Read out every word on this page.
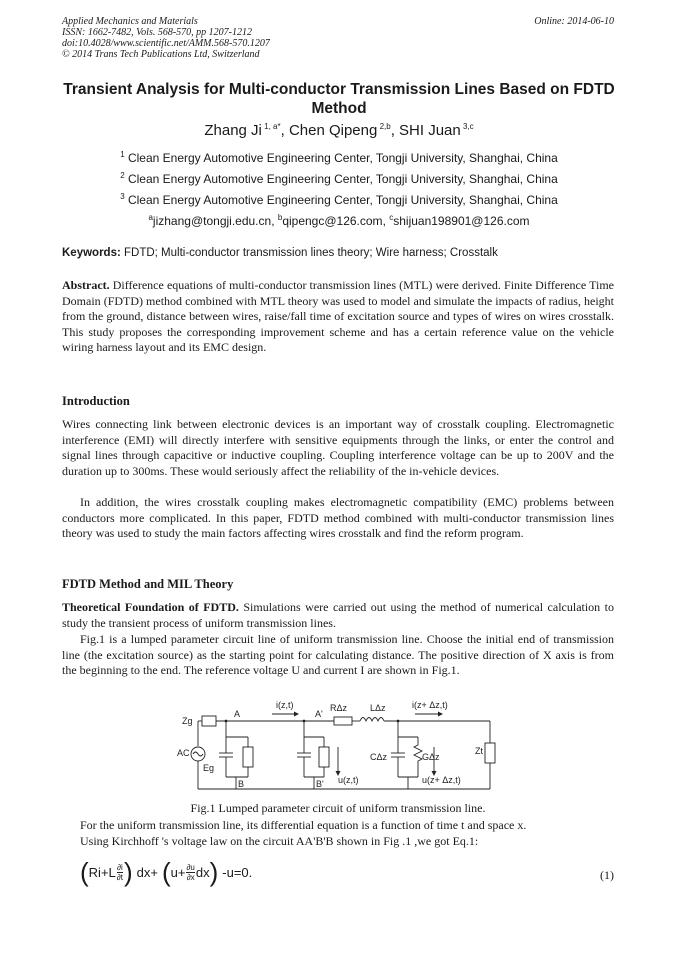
Applied Mechanics and Materials
ISSN: 1662-7482, Vols. 568-570, pp 1207-1212
doi:10.4028/www.scientific.net/AMM.568-570.1207
© 2014 Trans Tech Publications Ltd, Switzerland
Online: 2014-06-10
Transient Analysis for Multi-conductor Transmission Lines Based on FDTD Method
Zhang Ji $^{1, a*}$, Chen Qipeng $^{2,b}$, SHI Juan $^{3,c}$
$^1$ Clean Energy Automotive Engineering Center, Tongji University, Shanghai, China
$^2$ Clean Energy Automotive Engineering Center, Tongji University, Shanghai, China
$^3$ Clean Energy Automotive Engineering Center, Tongji University, Shanghai, China
$^a$jizhang@tongji.edu.cn, $^b$qipengc@126.com, $^c$shijuan198901@126.com
Keywords: FDTD; Multi-conductor transmission lines theory; Wire harness; Crosstalk
Abstract. Difference equations of multi-conductor transmission lines (MTL) were derived. Finite Difference Time Domain (FDTD) method combined with MTL theory was used to model and simulate the impacts of radius, height from the ground, distance between wires, raise/fall time of excitation source and types of wires on wires crosstalk. This study proposes the corresponding improvement scheme and has a certain reference value on the vehicle wiring harness layout and its EMC design.
Introduction
Wires connecting link between electronic devices is an important way of crosstalk coupling. Electromagnetic interference (EMI) will directly interfere with sensitive equipments through the links, or enter the control and signal lines through capacitive or inductive coupling. Coupling interference voltage can be up to 200V and the duration up to 300ms. These would seriously affect the reliability of the in-vehicle devices.
In addition, the wires crosstalk coupling makes electromagnetic compatibility (EMC) problems between conductors more complicated. In this paper, FDTD method combined with multi-conductor transmission lines theory was used to study the main factors affecting wires crosstalk and find the reform program.
FDTD Method and MIL Theory
Theoretical Foundation of FDTD. Simulations were carried out using the method of numerical calculation to study the transient process of uniform transmission lines.
Fig.1 is a lumped parameter circuit line of uniform transmission line. Choose the initial end of transmission line (the excitation source) as the starting point for calculating distance. The positive direction of X axis is from the beginning to the end. The reference voltage U and current I are shown in Fig.1.
Zg
A	A'
i(z,t)	RΔz	LΔz	i(z+ Δz,t)
AC
Eg
B	B' u(z,t)
CΔz	GΔz
u(z+ Δz,t)
Zt
Fig.1 Lumped parameter circuit of uniform transmission line.
For the uniform transmission line, its differential equation is a function of time t and space x.
Using Kirchhoff 's voltage law on the circuit AA'B'B shown in Fig .1 ,we got Eq.1:
( $Ri+L \frac{\partial i}{\partial t}$ ) dx+ ( $u+ \frac{\partial u}{\partial x}$ dx ) -u=0.	(1)
